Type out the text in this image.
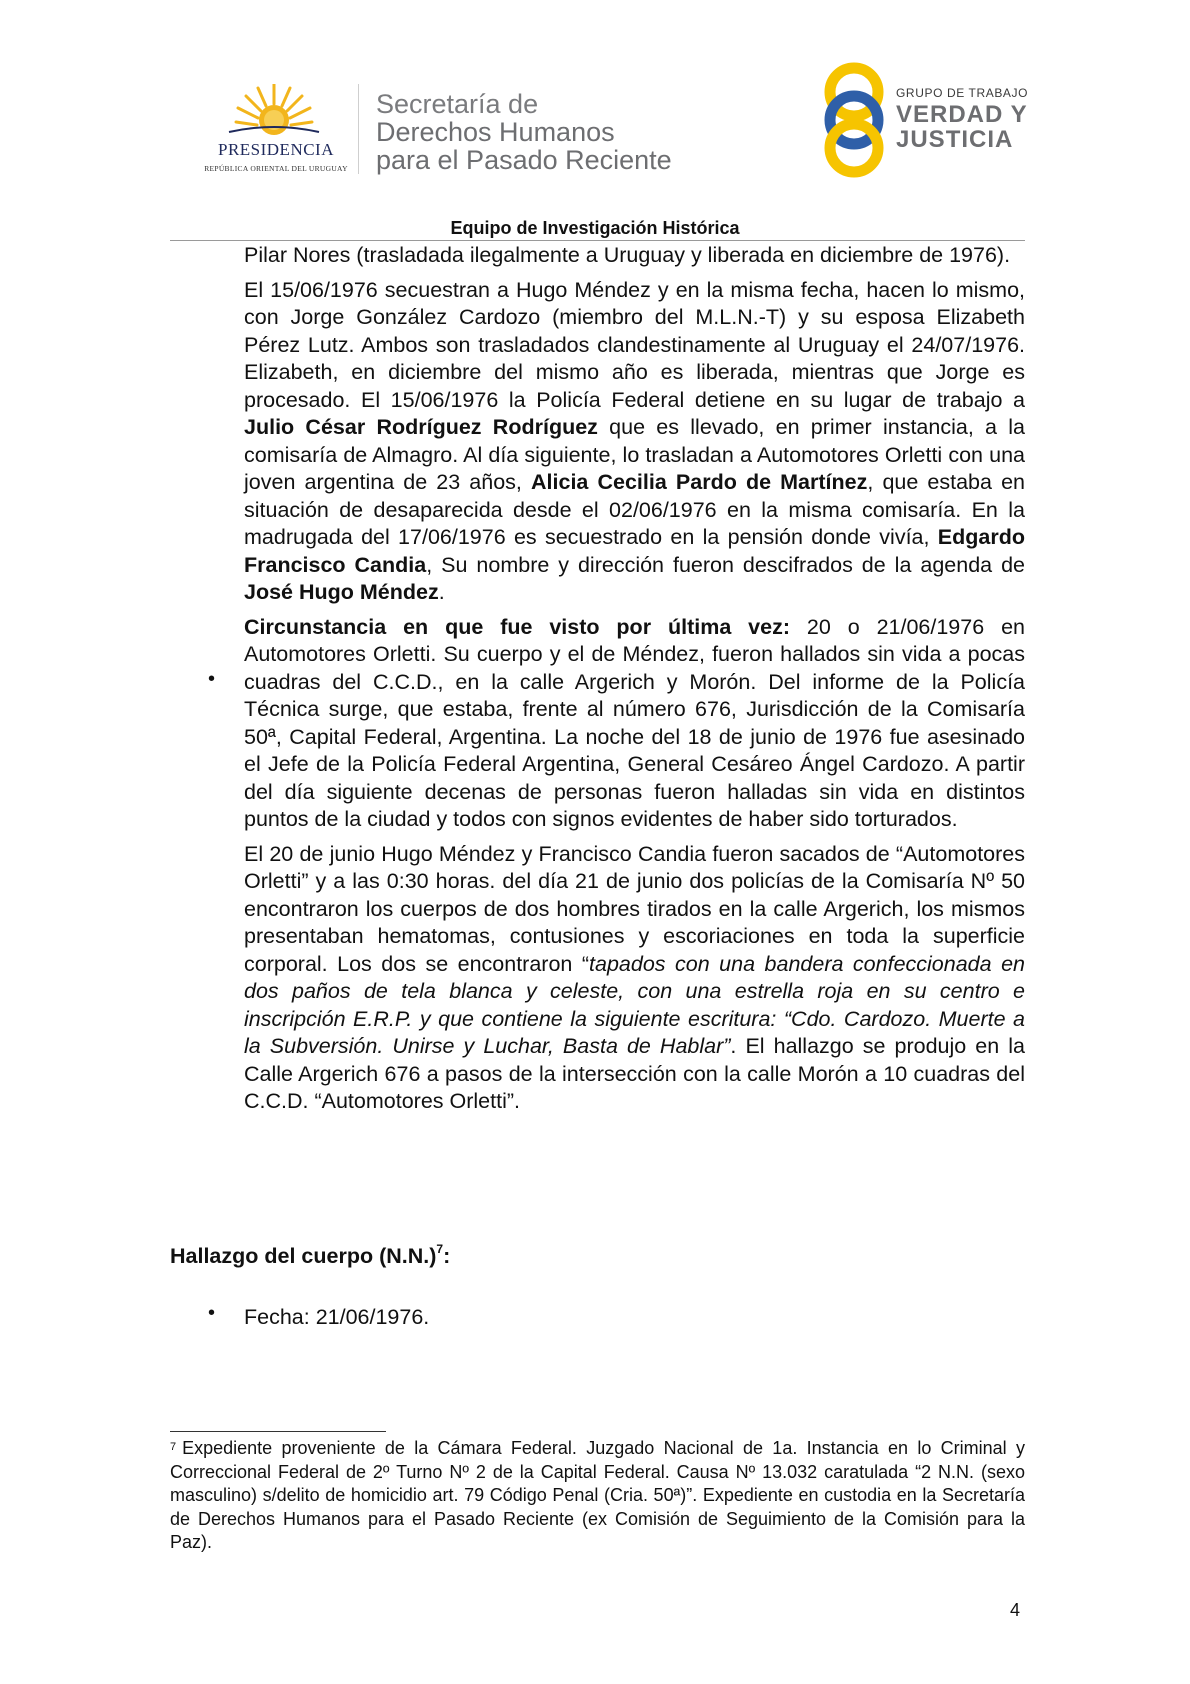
PRESIDENCIA
REPÚBLICA ORIENTAL DEL URUGUAY
Secretaría de
Derechos Humanos
para el Pasado Reciente
GRUPO DE TRABAJO
VERDAD Y
JUSTICIA
Equipo de Investigación Histórica

Pilar Nores (trasladada ilegalmente a Uruguay y liberada en diciembre de 1976).

El 15/06/1976 secuestran a Hugo Méndez y en la misma fecha, hacen lo mismo, con Jorge González Cardozo (miembro del M.L.N.-T) y su esposa Elizabeth Pérez Lutz. Ambos son trasladados clandestinamente al Uruguay el 24/07/1976. Elizabeth, en diciembre del mismo año es liberada, mientras que Jorge es procesado. El 15/06/1976 la Policía Federal detiene en su lugar de trabajo a Julio César Rodríguez Rodríguez que es llevado, en primer instancia, a la comisaría de Almagro. Al día siguiente, lo trasladan a Automotores Orletti con una joven argentina de 23 años, Alicia Cecilia Pardo de Martínez, que estaba en situación de desaparecida desde el 02/06/1976 en la misma comisaría. En la madrugada del 17/06/1976 es secuestrado en la pensión donde vivía, Edgardo Francisco Candia, Su nombre y dirección fueron descifrados de la agenda de José Hugo Méndez.

Circunstancia en que fue visto por última vez: 20 o 21/06/1976 en Automotores Orletti. Su cuerpo y el de Méndez, fueron hallados sin vida a pocas cuadras del C.C.D., en la calle Argerich y Morón. Del informe de la Policía Técnica surge, que estaba, frente al número 676, Jurisdicción de la Comisaría 50ª, Capital Federal, Argentina. La noche del 18 de junio de 1976 fue asesinado el Jefe de la Policía Federal Argentina, General Cesáreo Ángel Cardozo. A partir del día siguiente decenas de personas fueron halladas sin vida en distintos puntos de la ciudad y todos con signos evidentes de haber sido torturados.

El 20 de junio Hugo Méndez y Francisco Candia fueron sacados de “Automotores Orletti” y a las 0:30 horas. del día 21 de junio dos policías de la Comisaría Nº 50 encontraron los cuerpos de dos hombres tirados en la calle Argerich, los mismos presentaban hematomas, contusiones y escoriaciones en toda la superficie corporal. Los dos se encontraron “tapados con una bandera confeccionada en dos paños de tela blanca y celeste, con una estrella roja en su centro e inscripción E.R.P. y que contiene la siguiente escritura: “Cdo. Cardozo. Muerte a la Subversión. Unirse y Luchar, Basta de Hablar”. El hallazgo se produjo en la Calle Argerich 676 a pasos de la intersección con la calle Morón a 10 cuadras del C.C.D. “Automotores Orletti”.

•
Hallazgo del cuerpo $(N.N.)^7$:
• Fecha: 21/06/1976.
$^7$ Expediente proveniente de la Cámara Federal. Juzgado Nacional de 1a. Instancia en lo Criminal y Correccional Federal de 2º Turno Nº 2 de la Capital Federal. Causa Nº 13.032 caratulada “2 N.N. (sexo masculino) s/delito de homicidio art. 79 Código Penal (Cria. 50ª)”. Expediente en custodia en la Secretaría de Derechos Humanos para el Pasado Reciente (ex Comisión de Seguimiento de la Comisión para la Paz).
4
